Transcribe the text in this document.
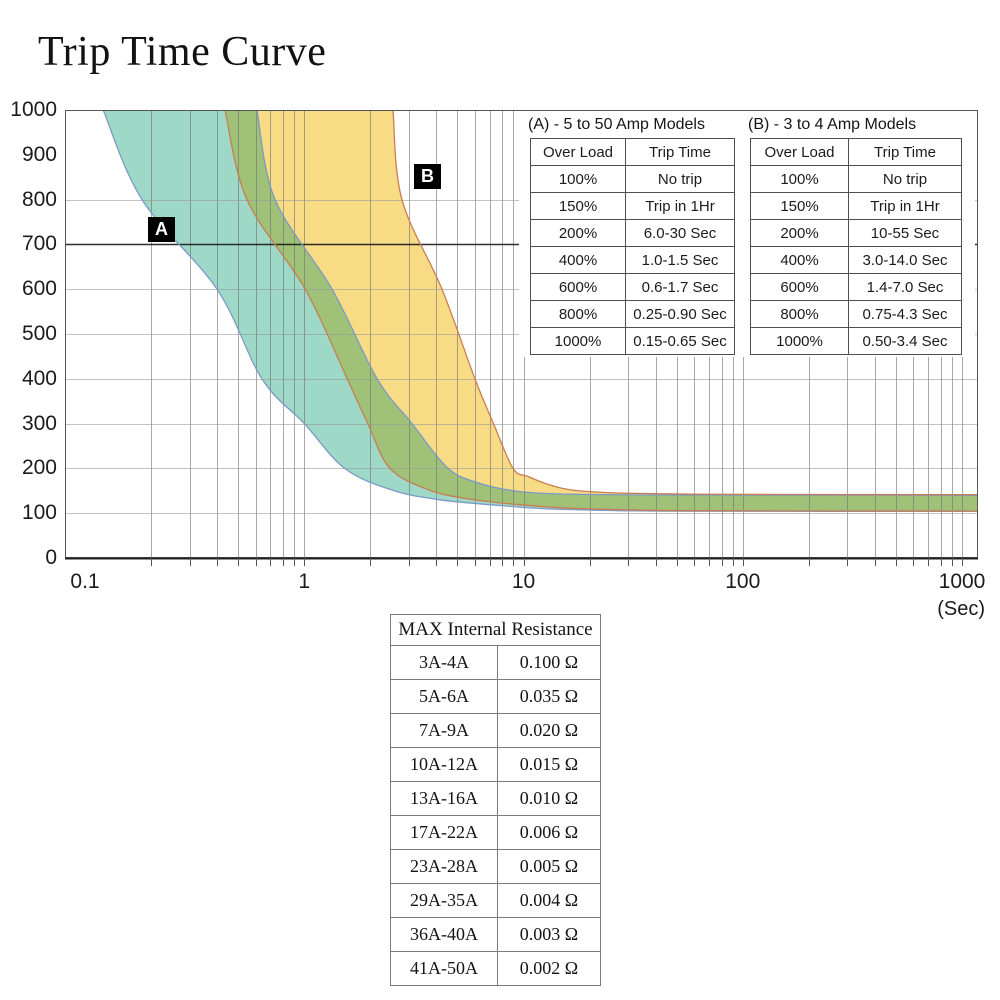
Trip Time Curve
1000
900
800
700
600
500
400
300
200
100
0
0.1	1	10	100	1000
(Sec)
A
B
(A) - 5 to 50 Amp Models
Over Load	Trip Time
100%	No trip
150%	Trip in 1Hr
200%	6.0-30 Sec
400%	1.0-1.5 Sec
600%	0.6-1.7 Sec
800%	0.25-0.90 Sec
1000%	0.15-0.65 Sec
(B) - 3 to 4 Amp Models
Over Load	Trip Time
100%	No trip
150%	Trip in 1Hr
200%	10-55 Sec
400%	3.0-14.0 Sec
600%	1.4-7.0 Sec
800%	0.75-4.3 Sec
1000%	0.50-3.4 Sec
MAX Internal Resistance	
3A-4A	0.100 Ω
5A-6A	0.035 Ω
7A-9A	0.020 Ω
10A-12A	0.015 Ω
13A-16A	0.010 Ω
17A-22A	0.006 Ω
23A-28A	0.005 Ω
29A-35A	0.004 Ω
36A-40A	0.003 Ω
41A-50A	0.002 Ω
